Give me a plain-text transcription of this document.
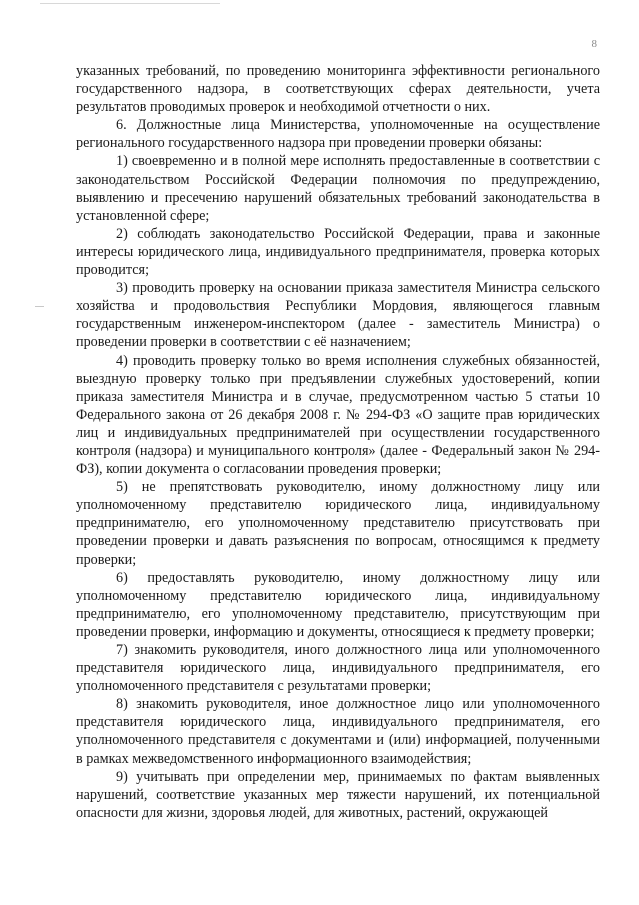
8

указанных требований, по проведению мониторинга эффективности регионального государственного надзора, в соответствующих сферах деятельности, учета результатов проводимых проверок и необходимой отчетности о них.

6. Должностные лица Министерства, уполномоченные на осуществление регионального государственного надзора при проведении проверки обязаны:

1) своевременно и в полной мере исполнять предоставленные в соответствии с законодательством Российской Федерации полномочия по предупреждению, выявлению и пресечению нарушений обязательных требований законодательства в установленной сфере;

2) соблюдать законодательство Российской Федерации, права и законные интересы юридического лица, индивидуального предпринимателя, проверка которых проводится;

3) проводить проверку на основании приказа заместителя Министра сельского хозяйства и продовольствия Республики Мордовия, являющегося главным государственным инженером-инспектором (далее - заместитель Министра) о проведении проверки в соответствии с её назначением;

4) проводить проверку только во время исполнения служебных обязанностей, выездную проверку только при предъявлении служебных удостоверений, копии приказа заместителя Министра и в случае, предусмотренном частью 5 статьи 10 Федерального закона от 26 декабря 2008 г. № 294-ФЗ «О защите прав юридических лиц и индивидуальных предпринимателей при осуществлении государственного контроля (надзора) и муниципального контроля» (далее - Федеральный закон № 294-ФЗ), копии документа о согласовании проведения проверки;

5) не препятствовать руководителю, иному должностному лицу или уполномоченному представителю юридического лица, индивидуальному предпринимателю, его уполномоченному представителю присутствовать при проведении проверки и давать разъяснения по вопросам, относящимся к предмету проверки;

6) предоставлять руководителю, иному должностному лицу или уполномоченному представителю юридического лица, индивидуальному предпринимателю, его уполномоченному представителю, присутствующим при проведении проверки, информацию и документы, относящиеся к предмету проверки;

7) знакомить руководителя, иного должностного лица или уполномоченного представителя юридического лица, индивидуального предпринимателя, его уполномоченного представителя с результатами проверки;

8) знакомить руководителя, иное должностное лицо или уполномоченного представителя юридического лица, индивидуального предпринимателя, его уполномоченного представителя с документами и (или) информацией, полученными в рамках межведомственного информационного взаимодействия;

9) учитывать при определении мер, принимаемых по фактам выявленных нарушений, соответствие указанных мер тяжести нарушений, их потенциальной опасности для жизни, здоровья людей, для животных, растений, окружающей
